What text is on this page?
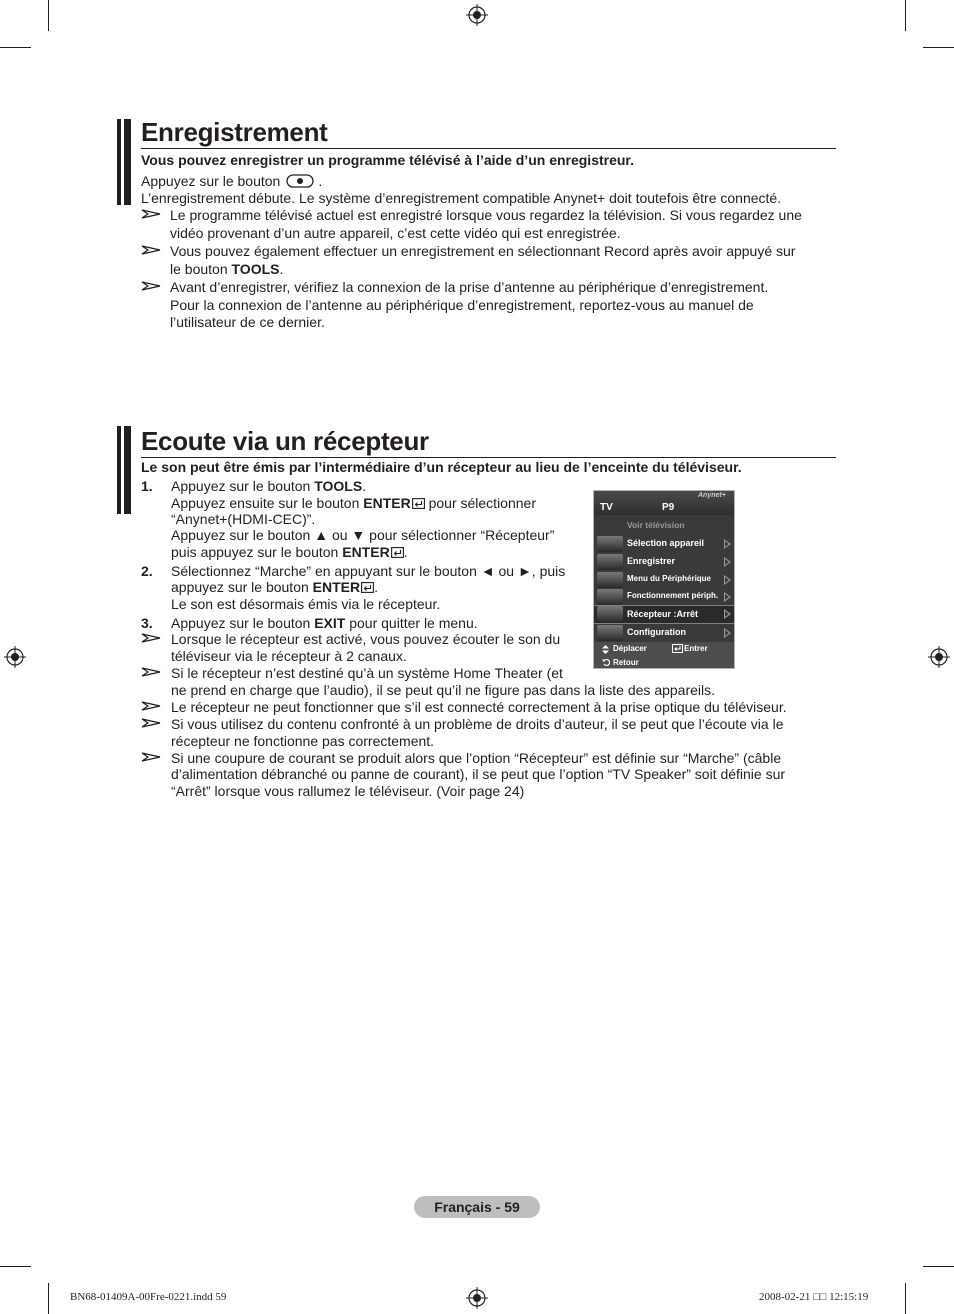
Enregistrement
Vous pouvez enregistrer un programme télévisé à l’aide d’un enregistreur.
Appuyez sur le bouton	.
L’enregistrement débute. Le système d’enregistrement compatible Anynet+ doit toutefois être connecté.
Le programme télévisé actuel est enregistré lorsque vous regardez la télévision. Si vous regardez une
vidéo provenant d’un autre appareil, c’est cette vidéo qui est enregistrée.
Vous pouvez également effectuer un enregistrement en sélectionnant Record après avoir appuyé sur
le bouton TOOLS.
Avant d’enregistrer, vérifiez la connexion de la prise d’antenne au périphérique d’enregistrement.
Pour la connexion de l’antenne au périphérique d’enregistrement, reportez-vous au manuel de
l’utilisateur de ce dernier.
Ecoute via un récepteur
Le son peut être émis par l’intermédiaire d’un récepteur au lieu de l’enceinte du téléviseur.
1. Appuyez sur le bouton TOOLS.
Appuyez ensuite sur le bouton ENTER pour sélectionner
“Anynet+(HDMI-CEC)”.
Appuyez sur le bouton ▲ ou ▼ pour sélectionner “Récepteur”
puis appuyez sur le bouton ENTER .
2. Sélectionnez “Marche” en appuyant sur le bouton ◄ ou ►, puis
appuyez sur le bouton ENTER .
Le son est désormais émis via le récepteur.
3. Appuyez sur le bouton EXIT pour quitter le menu.
Lorsque le récepteur est activé, vous pouvez écouter le son du
téléviseur via le récepteur à 2 canaux.
Si le récepteur n’est destiné qu’à un système Home Theater (et
ne prend en charge que l’audio), il se peut qu’il ne figure pas dans la liste des appareils.
Le récepteur ne peut fonctionner que s’il est connecté correctement à la prise optique du téléviseur.
Si vous utilisez du contenu confronté à un problème de droits d’auteur, il se peut que l’écoute via le
récepteur ne fonctionne pas correctement.
Si une coupure de courant se produit alors que l’option “Récepteur” est définie sur “Marche” (câble
d’alimentation débranché ou panne de courant), il se peut que l’option “TV Speaker” soit définie sur
“Arrêt” lorsque vous rallumez le téléviseur. (Voir page 24)
TV	P9
Anynet+
Voir télévision
Sélection appareil
Enregistrer
Menu du Périphérique
Fonctionnement périph.
Récepteur :Arrêt
Configuration
Déplacer	Entrer
Retour
Français - 59
BN68-01409A-00Fre-0221.indd 59	2008-02-21 □□ 12:15:19
